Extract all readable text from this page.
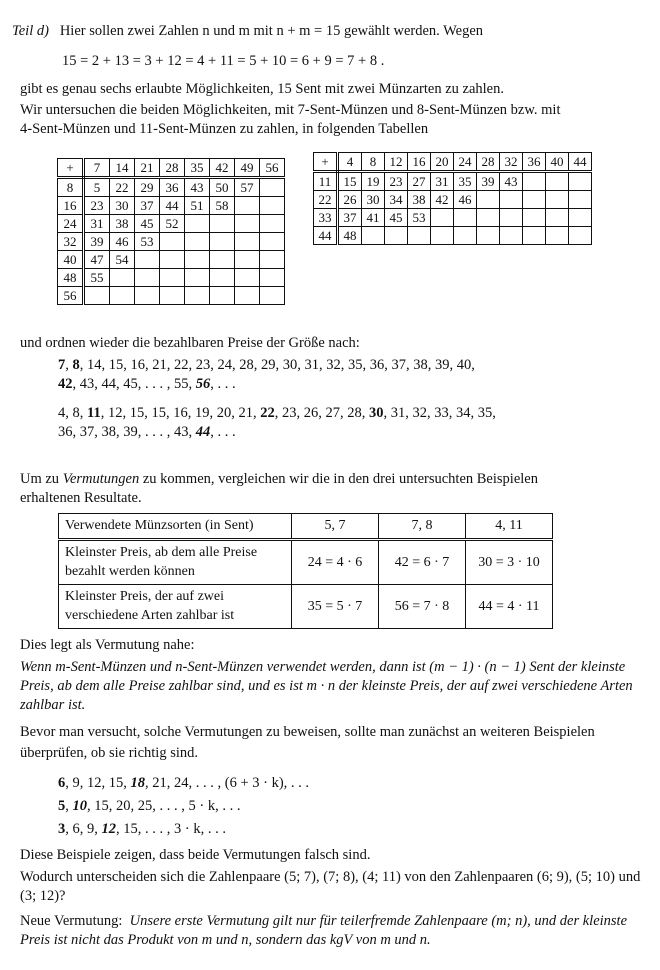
Teil d) Hier sollen zwei Zahlen n und m mit n + m = 15 gewählt werden. Wegen
15 = 2 + 13 = 3 + 12 = 4 + 11 = 5 + 10 = 6 + 9 = 7 + 8 .
gibt es genau sechs erlaubte Möglichkeiten, 15 Sent mit zwei Münzarten zu zahlen.
Wir untersuchen die beiden Möglichkeiten, mit 7-Sent-Münzen und 8-Sent-Münzen bzw. mit
4-Sent-Münzen und 11-Sent-Münzen zu zahlen, in folgenden Tabellen
+	7	14	21	28	35	42	49	56
8	5	22	29	36	43	50	57	
16	23	30	37	44	51	58		
24	31	38	45	52				
32	39	46	53					
40	47	54						
48	55							
56								
+	4	8	12	16	20	24	28	32	36	40	44
11	15	19	23	27	31	35	39	43			
22	26	30	34	38	42	46					
33	37	41	45	53							
44	48										
und ordnen wieder die bezahlbaren Preise der Größe nach:
7, 8, 14, 15, 16, 21, 22, 23, 24, 28, 29, 30, 31, 32, 35, 36, 37, 38, 39, 40,
42, 43, 44, 45, . . . , 55, 56, . . .
4, 8, 11, 12, 15, 15, 16, 19, 20, 21, 22, 23, 26, 27, 28, 30, 31, 32, 33, 34, 35,
36, 37, 38, 39, . . . , 43, 44, . . .
Um zu Vermutungen zu kommen, vergleichen wir die in den drei untersuchten Beispielen
erhaltenen Resultate.
Verwendete Münzsorten (in Sent)	5, 7	7, 8	4, 11
Kleinster Preis, ab dem alle Preise bezahlt werden können	24 = 4 · 6	42 = 6 · 7	30 = 3 · 10
Kleinster Preis, der auf zwei verschiedene Arten zahlbar ist	35 = 5 · 7	56 = 7 · 8	44 = 4 · 11
Dies legt als Vermutung nahe:
Wenn m-Sent-Münzen und n-Sent-Münzen verwendet werden, dann ist (m − 1) · (n − 1) Sent der kleinste Preis, ab dem alle Preise zahlbar sind, und es ist m · n der kleinste Preis, der auf zwei verschiedene Arten zahlbar ist.
Bevor man versucht, solche Vermutungen zu beweisen, sollte man zunächst an weiteren Beispielen überprüfen, ob sie richtig sind.
6, 9, 12, 15, 18, 21, 24, . . . , (6 + 3 · k), . . .
5, 10, 15, 20, 25, . . . , 5 · k, . . .
3, 6, 9, 12, 15, . . . , 3 · k, . . .
Diese Beispiele zeigen, dass beide Vermutungen falsch sind.
Wodurch unterscheiden sich die Zahlenpaare (5; 7), (7; 8), (4; 11) von den Zahlenpaaren (6; 9), (5; 10) und (3; 12)?
Neue Vermutung: Unsere erste Vermutung gilt nur für teilerfremde Zahlenpaare (m; n), und der kleinste Preis ist nicht das Produkt von m und n, sondern das kgV von m und n.
